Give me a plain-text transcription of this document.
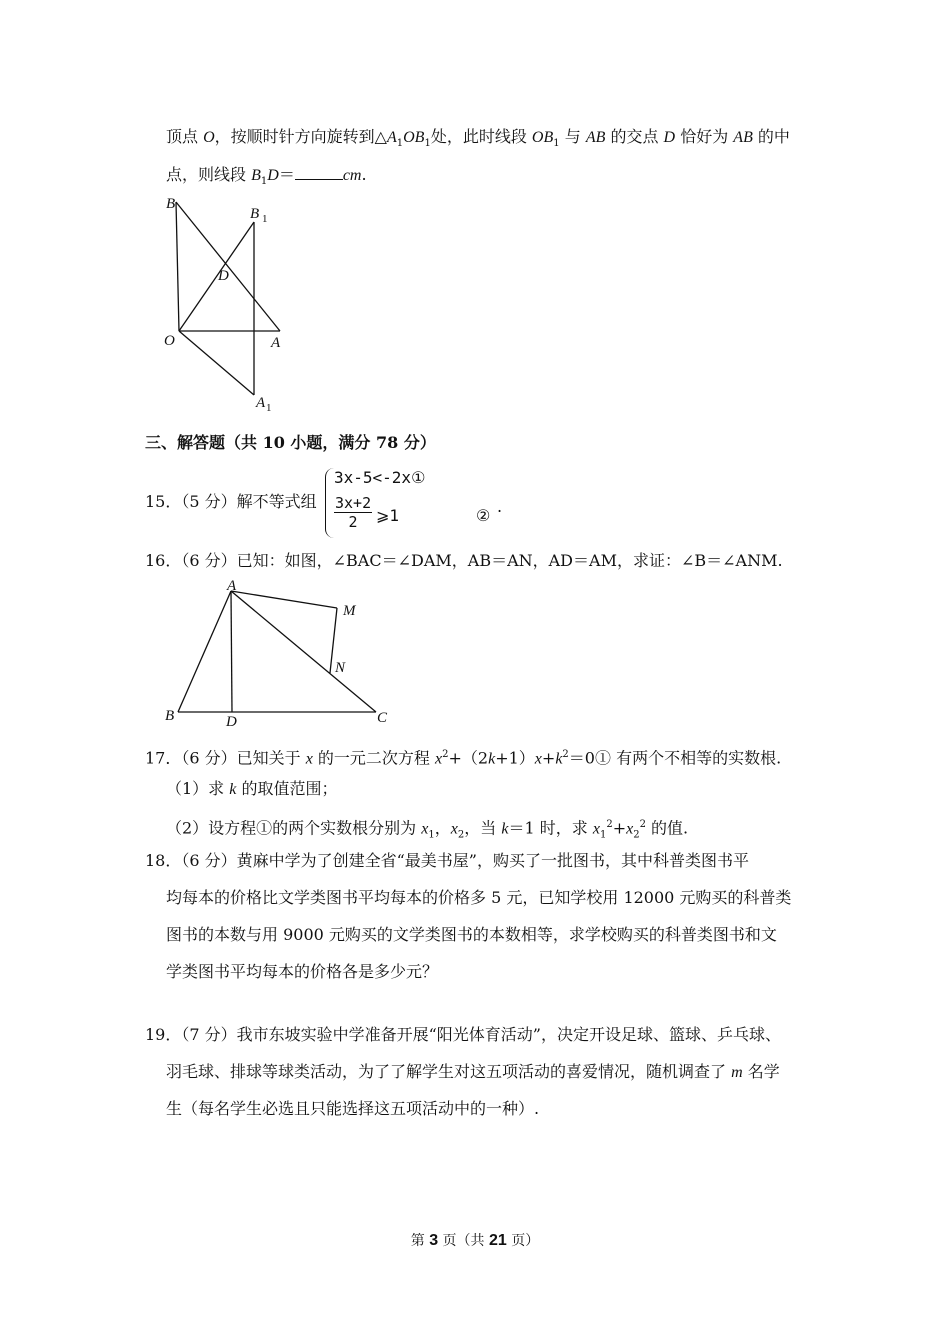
顶点 O，按顺时针方向旋转到$\triangle A_1OB_1$处，此时线段 $OB_1$ 与 AB 的交点 D 恰好为 AB 的中
点，则线段 $B_1D=$	cm.
B
B 1
D
O	A
A 1
三、解答题（共 10 小题，满分 78 分）
15．（5 分）解不等式组
3x-5<-2x①
$\frac{3x+2}{2}$ ⩾1	② .
16．（6 分）已知：如图，∠BAC＝∠DAM，AB＝AN，AD＝AM，求证：∠B＝∠ANM.
A
M
N
B	D	C
17．（6 分）已知关于 x 的一元二次方程 $x^2+(2k+1)x+k^2=0①$ 有两个不相等的实数根.
（1）求 k 的取值范围；
（2）设方程①的两个实数根分别为 $x_1$，$x_2$，当 k＝1 时，求 $x_1^2+x_2^2$ 的值.
18．（6 分）黄麻中学为了创建全省“最美书屋”，购买了一批图书，其中科普类图书平
均每本的价格比文学类图书平均每本的价格多 5 元，已知学校用 12000 元购买的科普类
图书的本数与用 9000 元购买的文学类图书的本数相等，求学校购买的科普类图书和文
学类图书平均每本的价格各是多少元？
19．（7 分）我市东坡实验中学准备开展“阳光体育活动”，决定开设足球、篮球、乒乓球、
羽毛球、排球等球类活动，为了了解学生对这五项活动的喜爱情况，随机调查了 m 名学
生（每名学生必选且只能选择这五项活动中的一种）.
第 3 页（共 21 页）
